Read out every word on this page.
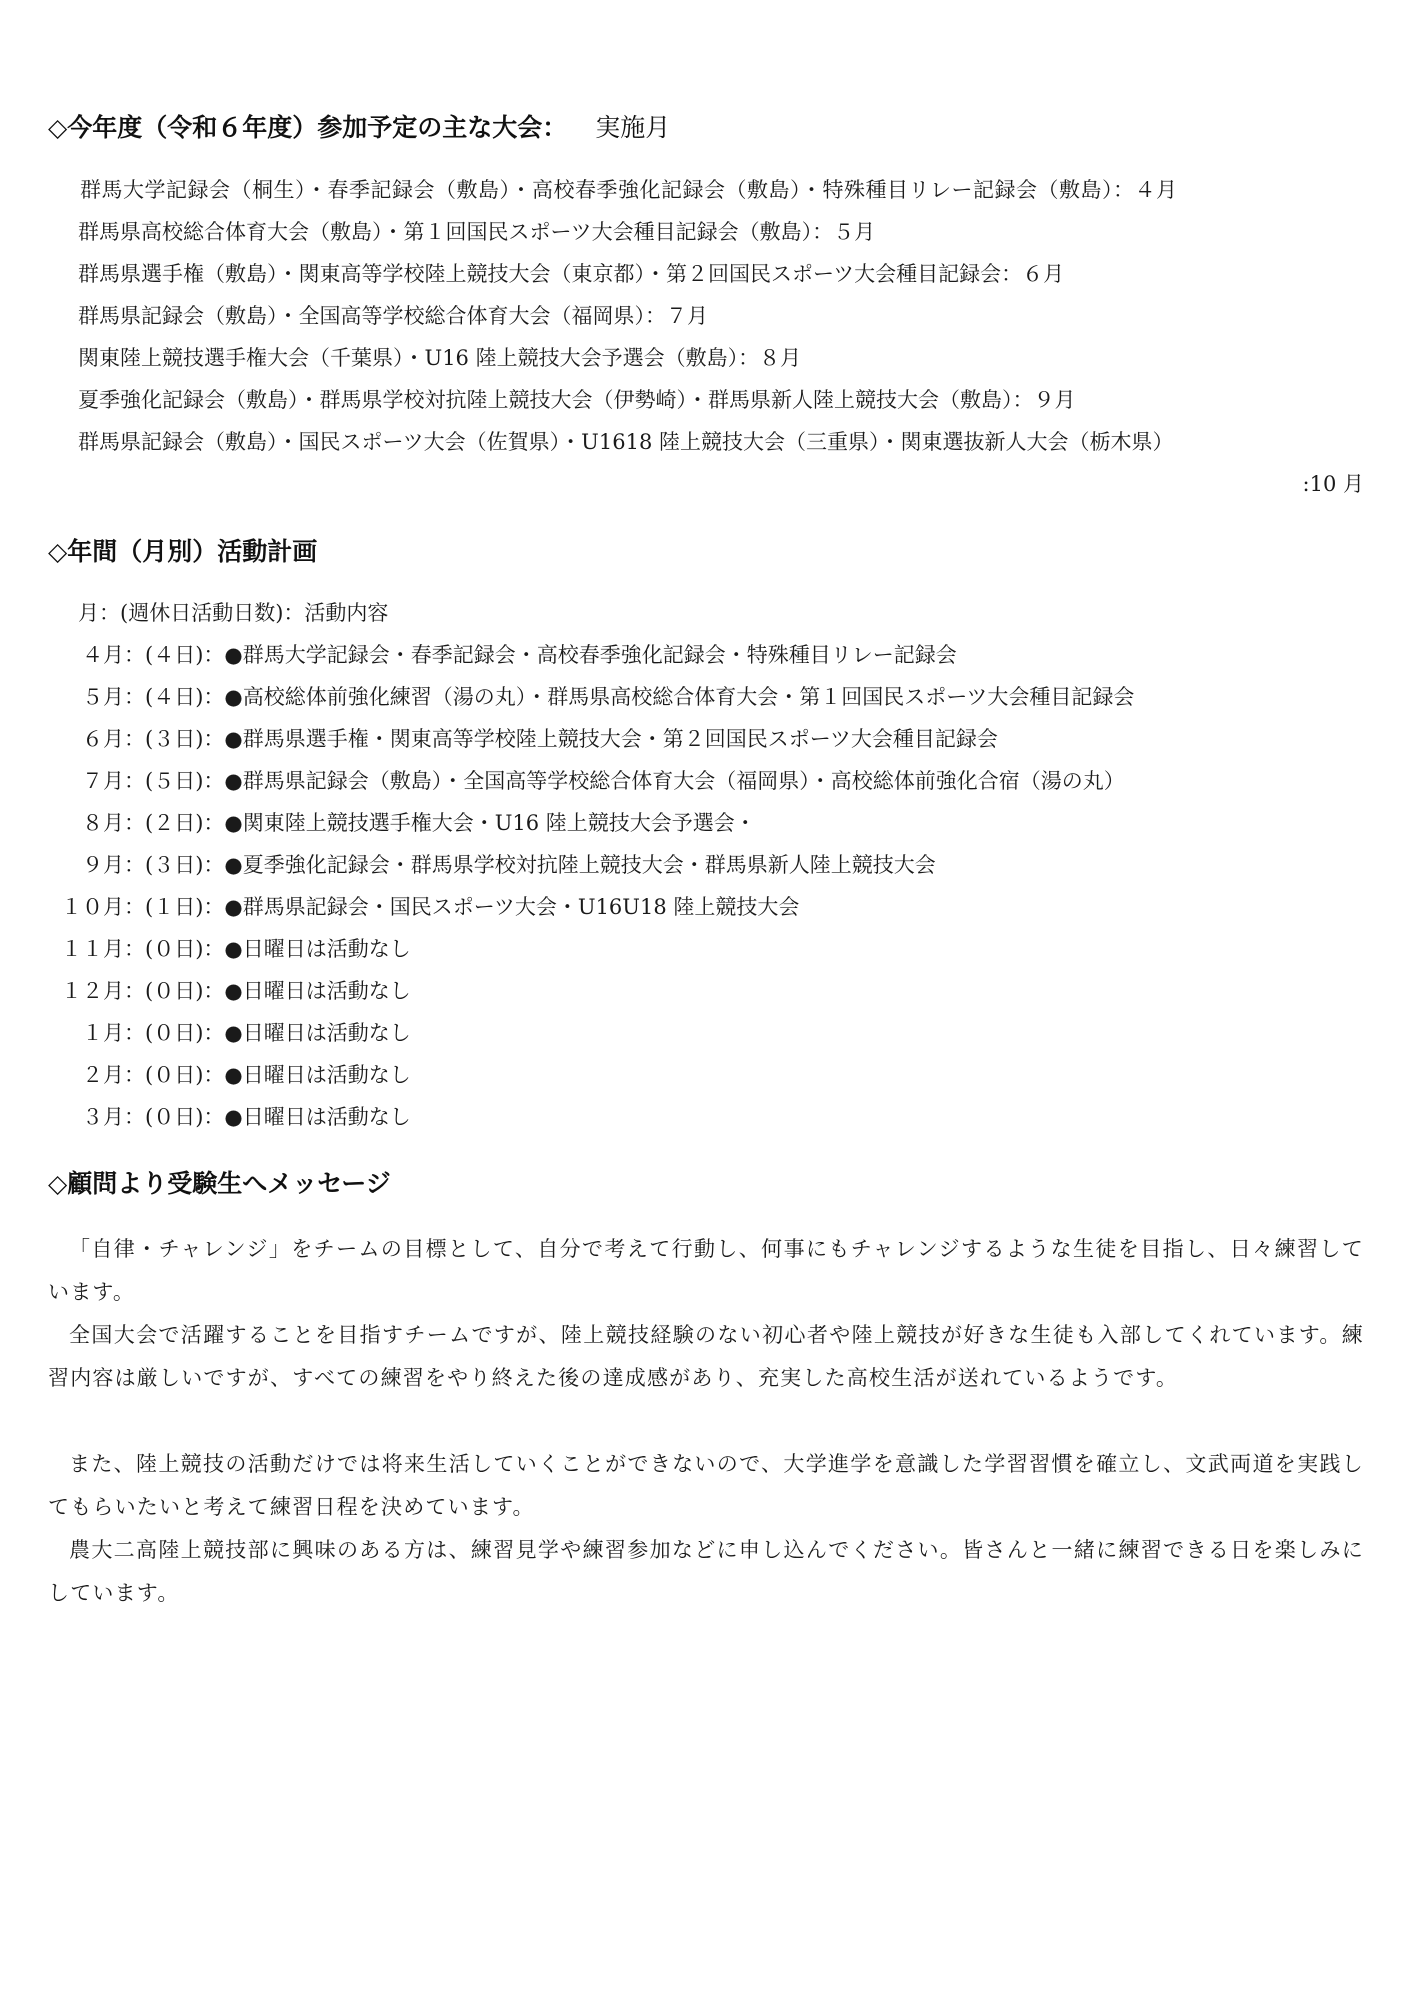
◇今年度（令和６年度）参加予定の主な大会： 実施月
群馬大学記録会（桐生）・春季記録会（敷島）・高校春季強化記録会（敷島）・特殊種目リレー記録会（敷島）：４月
群馬県高校総合体育大会（敷島）・第１回国民スポーツ大会種目記録会（敷島）：５月
群馬県選手権（敷島）・関東高等学校陸上競技大会（東京都）・第２回国民スポーツ大会種目記録会：６月
群馬県記録会（敷島）・全国高等学校総合体育大会（福岡県）：７月
関東陸上競技選手権大会（千葉県）・U16 陸上競技大会予選会（敷島）：８月
夏季強化記録会（敷島）・群馬県学校対抗陸上競技大会（伊勢崎）・群馬県新人陸上競技大会（敷島）：９月
群馬県記録会（敷島）・国民スポーツ大会（佐賀県）・U1618 陸上競技大会（三重県）・関東選抜新人大会（栃木県）
:10 月
◇年間（月別）活動計画
月：(週休日活動日数)：活動内容
４月：(４日)：●群馬大学記録会・春季記録会・高校春季強化記録会・特殊種目リレー記録会
５月：(４日)：●高校総体前強化練習（湯の丸）・群馬県高校総合体育大会・第１回国民スポーツ大会種目記録会
６月：(３日)：●群馬県選手権・関東高等学校陸上競技大会・第２回国民スポーツ大会種目記録会
７月：(５日)：●群馬県記録会（敷島）・全国高等学校総合体育大会（福岡県）・高校総体前強化合宿（湯の丸）
８月：(２日)：●関東陸上競技選手権大会・U16 陸上競技大会予選会・
９月：(３日)：●夏季強化記録会・群馬県学校対抗陸上競技大会・群馬県新人陸上競技大会
１０月：(１日)：●群馬県記録会・国民スポーツ大会・U16U18 陸上競技大会
１１月：(０日)：●日曜日は活動なし
１２月：(０日)：●日曜日は活動なし
１月：(０日)：●日曜日は活動なし
２月：(０日)：●日曜日は活動なし
３月：(０日)：●日曜日は活動なし
◇顧問より受験生へメッセージ
「自律・チャレンジ」をチームの目標として、自分で考えて行動し、何事にもチャレンジするような生徒を目指し、日々練習しています。
全国大会で活躍することを目指すチームですが、陸上競技経験のない初心者や陸上競技が好きな生徒も入部してくれています。練習内容は厳しいですが、すべての練習をやり終えた後の達成感があり、充実した高校生活が送れているようです。
また、陸上競技の活動だけでは将来生活していくことができないので、大学進学を意識した学習習慣を確立し、文武両道を実践してもらいたいと考えて練習日程を決めています。
農大二高陸上競技部に興味のある方は、練習見学や練習参加などに申し込んでください。皆さんと一緒に練習できる日を楽しみにしています。
